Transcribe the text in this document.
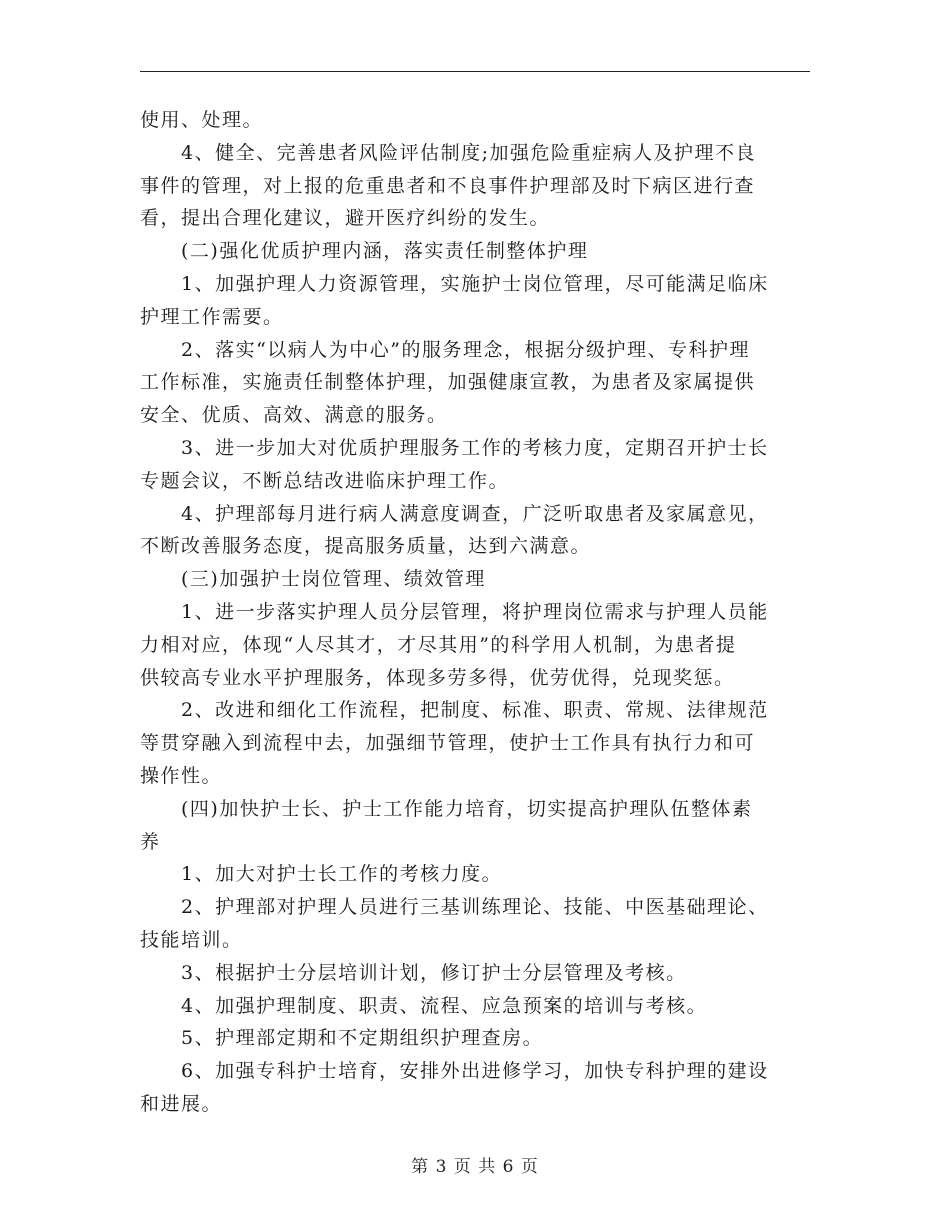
使用、处理。
　　4、健全、完善患者风险评估制度;加强危险重症病人及护理不良
事件的管理，对上报的危重患者和不良事件护理部及时下病区进行查
看，提出合理化建议，避开医疗纠纷的发生。
　　(二)强化优质护理内涵，落实责任制整体护理
　　1、加强护理人力资源管理，实施护士岗位管理，尽可能满足临床
护理工作需要。
　　2、落实“以病人为中心”的服务理念，根据分级护理、专科护理
工作标准，实施责任制整体护理，加强健康宣教，为患者及家属提供
安全、优质、高效、满意的服务。
　　3、进一步加大对优质护理服务工作的考核力度，定期召开护士长
专题会议，不断总结改进临床护理工作。
　　4、护理部每月进行病人满意度调查，广泛听取患者及家属意见，
不断改善服务态度，提高服务质量，达到六满意。
　　(三)加强护士岗位管理、绩效管理
　　1、进一步落实护理人员分层管理，将护理岗位需求与护理人员能
力相对应，体现“人尽其才，才尽其用”的科学用人机制，为患者提
供较高专业水平护理服务，体现多劳多得，优劳优得，兑现奖惩。
　　2、改进和细化工作流程，把制度、标准、职责、常规、法律规范
等贯穿融入到流程中去，加强细节管理，使护士工作具有执行力和可
操作性。
　　(四)加快护士长、护士工作能力培育，切实提高护理队伍整体素
养
　　1、加大对护士长工作的考核力度。
　　2、护理部对护理人员进行三基训练理论、技能、中医基础理论、
技能培训。
　　3、根据护士分层培训计划，修订护士分层管理及考核。
　　4、加强护理制度、职责、流程、应急预案的培训与考核。
　　5、护理部定期和不定期组织护理查房。
　　6、加强专科护士培育，安排外出进修学习，加快专科护理的建设
和进展。
第 3 页 共 6 页
